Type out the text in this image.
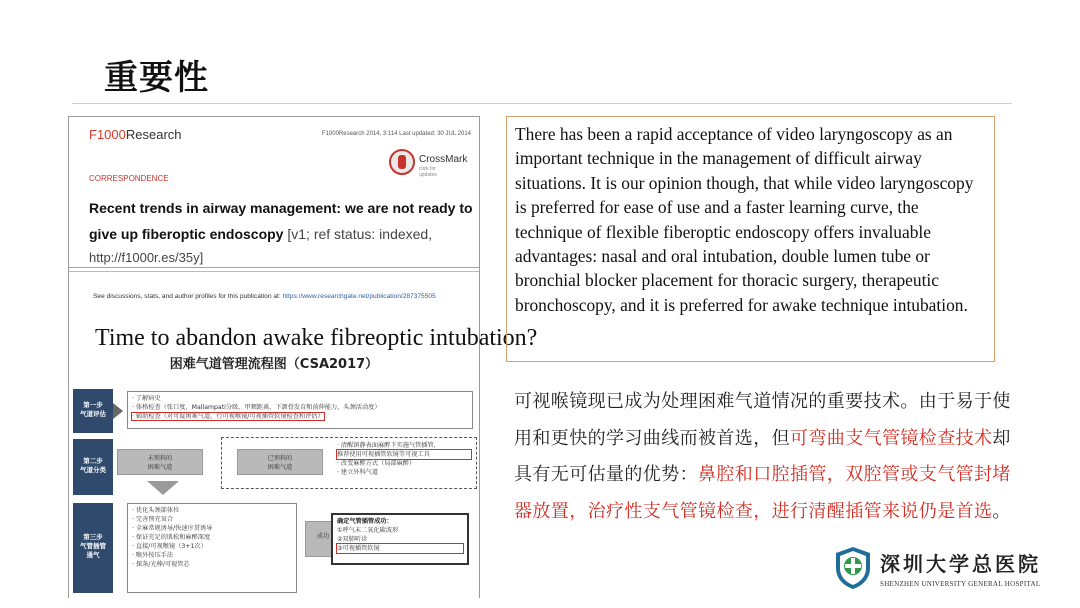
重要性
F1000Research	F1000Research 2014, 3:114 Last updated: 30 JUL 2014
CrossMark
click for updates
CORRESPONDENCE
Recent trends in airway management: we are not ready to give up fiberoptic endoscopy [v1; ref status: indexed,
http://f1000r.es/35y]
See discussions, stats, and author profiles for this publication at: https://www.researchgate.net/publication/287375505
Time to abandon awake fibreoptic intubation?
困难气道管理流程图（CSA2017）
第一步
气道评估
· 了解病史
· 体格检查（张口度、Mallampati分级、甲颏距离、下颌骨发育和前伸能力、头颈活动度）
· 辅助检查（对可疑困难气道，行可视喉镜/可视插管软镜检查和评估）
第二步
气道分类
未预料的
困难气道
已预料的
困难气道
· 清醒镇静表面麻醉下实施气管插管，
推荐使用可视插管软镜等可视工具
· 改变麻醉方式（局部麻醉）
· 建立外科气道
第三步
气管插管
通气
· 优化头颈部体位
· 完善预充氧合
· 全麻常规诱导/快速序贯诱导
· 保证充足的肌松和麻醉深度
· 直接/可视喉镜（3+1次）
· 喉外按压手法
· 探条/光棒/可视管芯
成功
确定气管插管成功：
①呼气末二氧化碳波形
②双肺听诊
③可视插管软镜
There has been a rapid acceptance of video laryngoscopy as an important technique in the management of difficult airway situations. It is our opinion though, that while video laryngoscopy is preferred for ease of use and a faster learning curve, the technique of flexible fiberoptic endoscopy offers invaluable advantages: nasal and oral intubation, double lumen tube or bronchial blocker placement for thoracic surgery, therapeutic bronchoscopy, and it is preferred for awake technique intubation.
可视喉镜现已成为处理困难气道情况的重要技术。由于易于使用和更快的学习曲线而被首选，但可弯曲支气管镜检查技术却具有无可估量的优势：鼻腔和口腔插管，双腔管或支气管封堵器放置，治疗性支气管镜检查，进行清醒插管来说仍是首选。
深圳大学总医院
SHENZHEN UNIVERSITY GENERAL HOSPITAL
